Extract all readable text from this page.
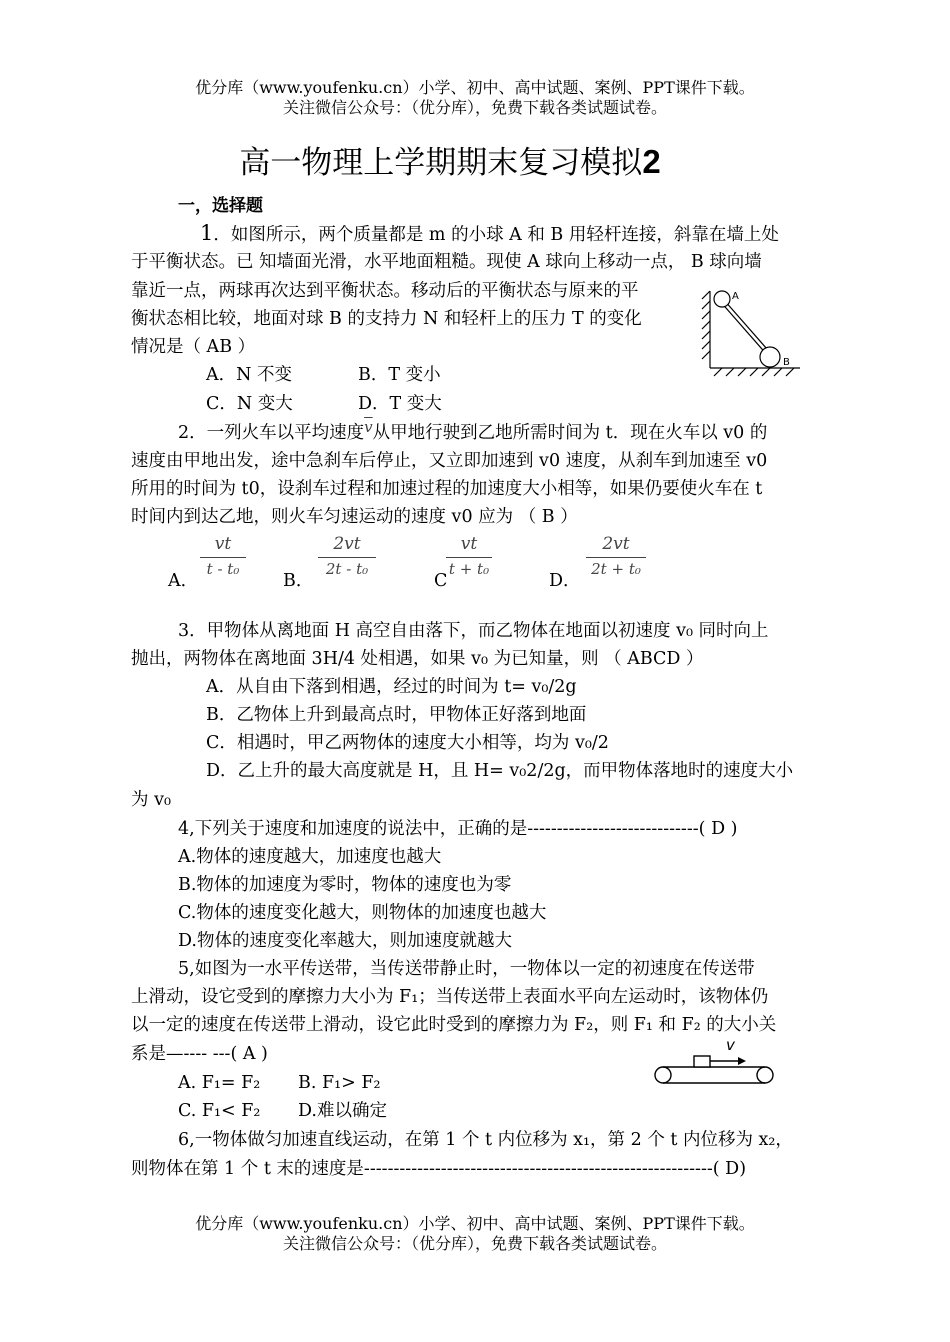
优分库（www.youfenku.cn）小学、初中、高中试题、案例、PPT课件下载。
关注微信公众号：（优分库），免费下载各类试题试卷。
高一物理上学期期末复习模拟2
一，选择题
1．如图所示，两个质量都是 m 的小球 A 和 B 用轻杆连接，斜靠在墙上处
于平衡状态。已 知墙面光滑，水平地面粗糙。现使 A 球向上移动一点， B 球向墙
靠近一点，两球再次达到平衡状态。移动后的平衡状态与原来的平
衡状态相比较，地面对球 B 的支持力 N 和轻杆上的压力 T 的变化
情况是（ AB ）
A．N 不变	B．T 变小
C．N 变大	D．T 变大
A
B
2．一列火车以平均速度$\overline{v}$从甲地行驶到乙地所需时间为 t．现在火车以 v0 的
速度由甲地出发，途中急刹车后停止，又立即加速到 v0 速度，从刹车到加速至 v0
所用的时间为 t0，设刹车过程和加速过程的加速度大小相等，如果仍要使火车在 t
时间内到达乙地，则火车匀速运动的速度 v0 应为 （ B ）
A．
vt
t - t₀
B．
2vt
2t - t₀
C
vt
t + t₀
D．
2vt
2t + t₀
3．甲物体从离地面 H 高空自由落下，而乙物体在地面以初速度 v₀ 同时向上
抛出，两物体在离地面 3H/4 处相遇，如果 v₀ 为已知量，则 （ ABCD ）
A．从自由下落到相遇，经过的时间为 t= v₀/2g
B．乙物体上升到最高点时，甲物体正好落到地面
C．相遇时，甲乙两物体的速度大小相等，均为 v₀/2
D．乙上升的最大高度就是 H，且 H= v₀2/2g，而甲物体落地时的速度大小
为 v₀
4,下列关于速度和加速度的说法中，正确的是-----------------------------( D )
A.物体的速度越大，加速度也越大
B.物体的加速度为零时，物体的速度也为零
C.物体的速度变化越大，则物体的加速度也越大
D.物体的速度变化率越大，则加速度就越大
5,如图为一水平传送带，当传送带静止时，一物体以一定的初速度在传送带
上滑动，设它受到的摩擦力大小为 F₁；当传送带上表面水平向左运动时，该物体仍
以一定的速度在传送带上滑动，设它此时受到的摩擦力为 F₂，则 F₁ 和 F₂ 的大小关
系是—---- ---( A )
A. F₁= F₂ B. F₁> F₂
C. F₁< F₂ D.难以确定
v
6,一物体做匀加速直线运动，在第 1 个 t 内位移为 x₁，第 2 个 t 内位移为 x₂，
则物体在第 1 个 t 末的速度是-----------------------------------------------------------( D)
优分库（www.youfenku.cn）小学、初中、高中试题、案例、PPT课件下载。
关注微信公众号：（优分库），免费下载各类试题试卷。
